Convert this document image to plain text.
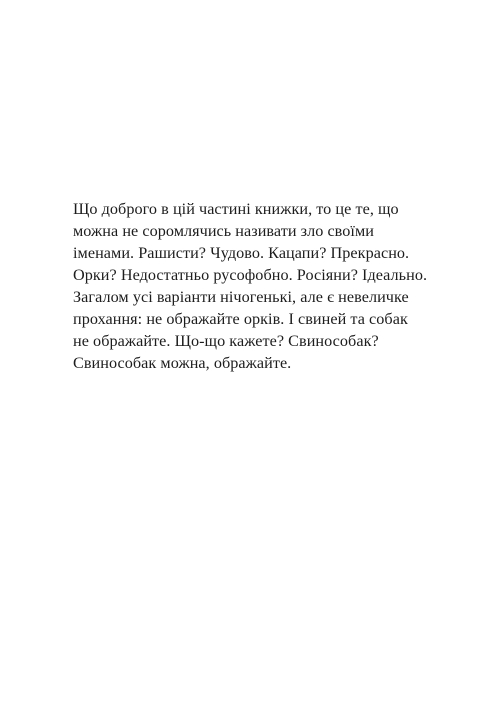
Що доброго в цій частині книжки, то це те, що
можна не соромлячись називати зло своїми
іменами. Рашисти? Чудово. Кацапи? Прекрасно.
Орки? Недостатньо русофобно. Росіяни? Ідеально.
Загалом усі варіанти нічогенькі, але є невеличке
прохання: не ображайте орків. І свиней та собак
не ображайте. Що-що кажете? Свинособак?
Свинособак можна, ображайте.
